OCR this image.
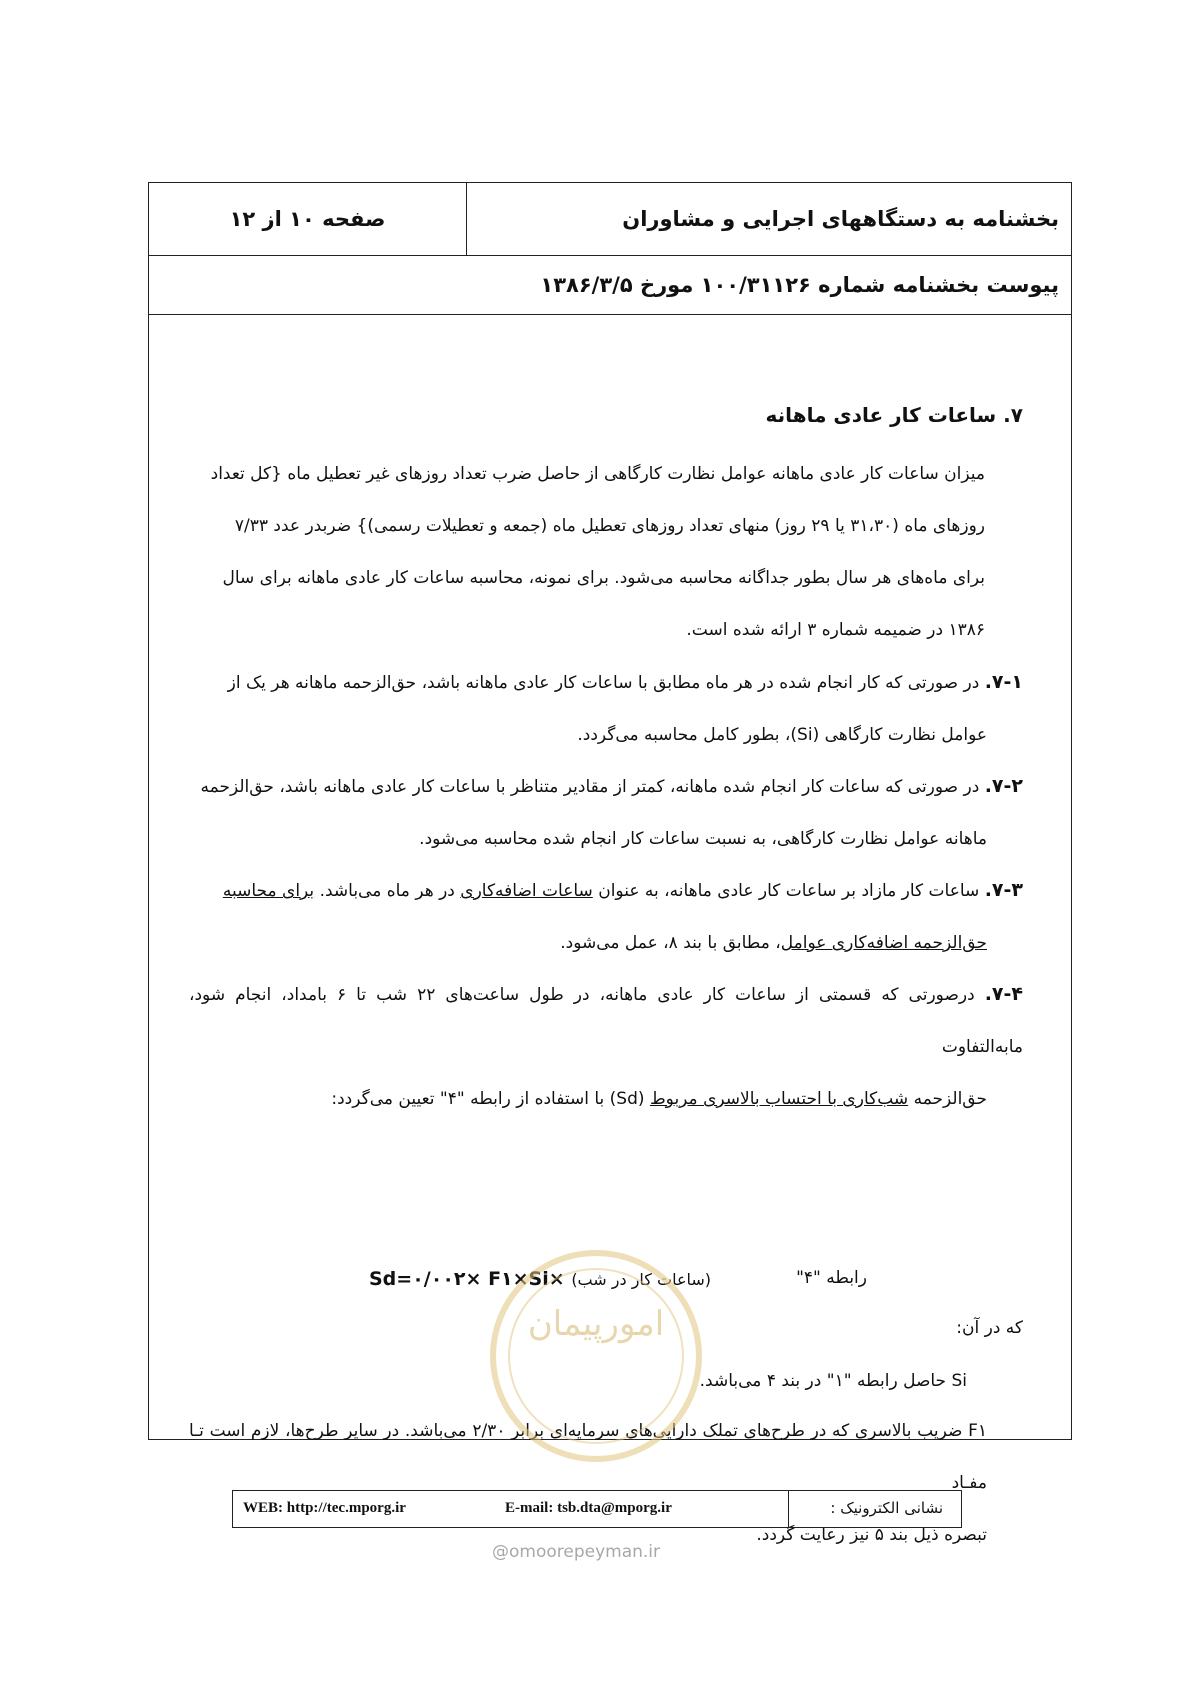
بخشنامه به دستگاههای اجرایی و مشاوران
صفحه ۱۰ از ۱۲
پیوست بخشنامه شماره ۱۰۰/۳۱۱۲۶ مورخ ۱۳۸۶/۳/۵
۷. ساعات کار عادی ماهانه
میزان ساعات کار عادی ماهانه عوامل نظارت کارگاهی از حاصل ضرب تعداد روزهای غیر تعطیل ماه {کل تعداد
روزهای ماه (۳۱،۳۰ یا ۲۹ روز) منهای تعداد روزهای تعطیل ماه (جمعه و تعطیلات رسمی)} ضربدر عدد ۷/۳۳
برای ماه‌های هر سال بطور جداگانه محاسبه می‌شود. برای نمونه، محاسبه ساعات کار عادی ماهانه برای سال
۱۳۸۶ در ضمیمه شماره ۳ ارائه شده است.
۷-۱. در صورتی که کار انجام شده در هر ماه مطابق با ساعات کار عادی ماهانه باشد، حق‌الزحمه ماهانه هر یک از
عوامل نظارت کارگاهی (Si)، بطور کامل محاسبه می‌گردد.
۷-۲. در صورتی که ساعات کار انجام شده ماهانه، کمتر از مقادیر متناظر با ساعات کار عادی ماهانه باشد، حق‌الزحمه
ماهانه عوامل نظارت کارگاهی، به نسبت ساعات کار انجام شده محاسبه می‌شود.
۷-۳. ساعات کار مازاد بر ساعات کار عادی ماهانه، به عنوان ساعات اضافه‌کاری در هر ماه می‌باشد. برای محاسبه
حق‌الزحمه اضافه‌کاری عوامل، مطابق با بند ۸، عمل می‌شود.
۷-۴. درصورتی که قسمتی از ساعات کار عادی ماهانه، در طول ساعت‌های ۲۲ شب تا ۶ بامداد، انجام شود، مابه‌التفاوت
حق‌الزحمه شب‌کاری با احتساب بالاسری مربوط (Sd) با استفاده از رابطه "۴" تعیین می‌گردد:
رابطه "۴"
Sd=۰/۰۰۲× F۱×Si× (ساعات کار در شب)
که در آن:
Si حاصل رابطه "۱" در بند ۴ می‌باشد.
F۱ ضریب بالاسری که در طرح‌های تملک دارایی‌های سرمایه‌ای برابر ۲/۳۰ می‌باشد. در سایر طرح‌ها، لازم است تـا مفـاد
تبصره ذیل بند ۵ نیز رعایت گردد.
امورپیمان
WEB: http://tec.mporg.ir	E-mail: tsb.dta@mporg.ir	نشانی الکترونیک :
@omoorepeyman.ir
